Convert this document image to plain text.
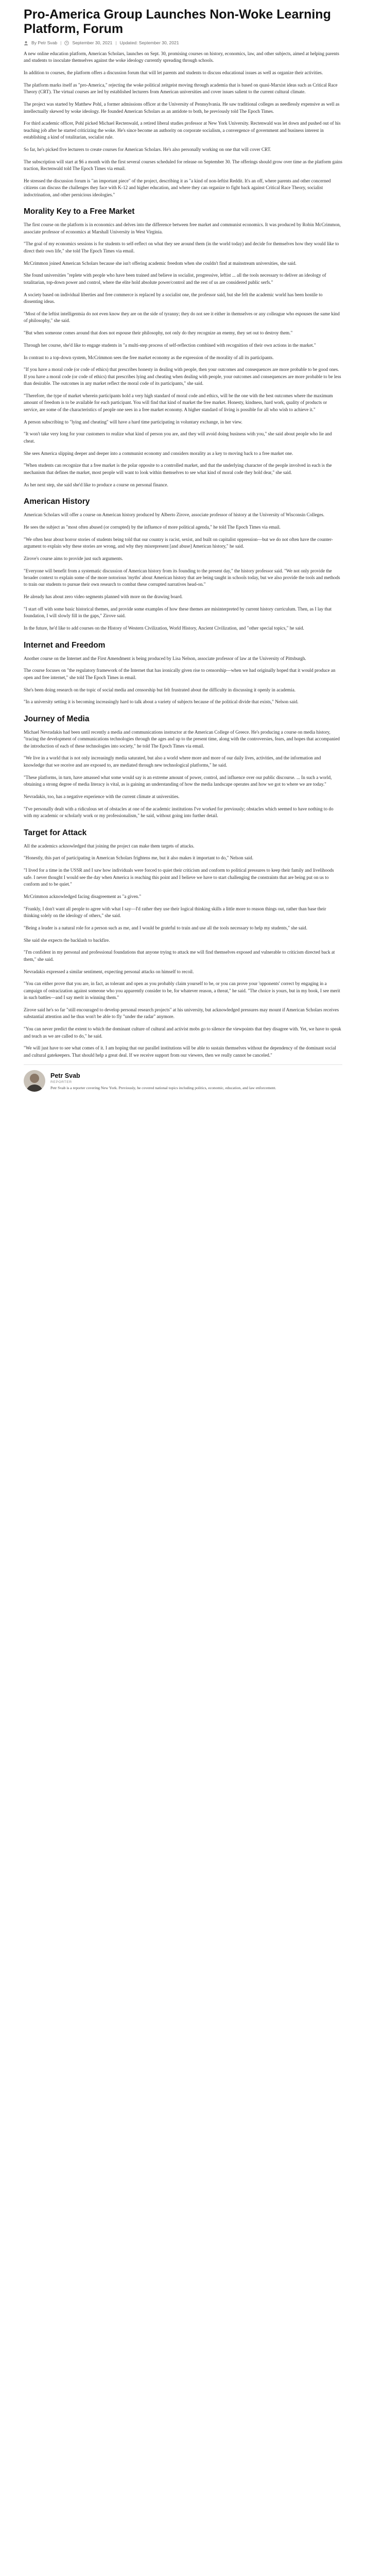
Pro-America Group Launches Non-Woke Learning Platform, Forum
By Petr Svab | September 30, 2021 | Updated: September 30, 2021

A new online education platform, American Scholars, launches on Sept. 30, promising courses on history, economics, law, and other subjects, aimed at helping parents and students to inoculate themselves against the woke ideology currently spreading through schools.

In addition to courses, the platform offers a discussion forum that will let parents and students to discuss educational issues as well as organize their activities.

The platform marks itself as "pro-America," rejecting the woke political zeitgeist moving through academia that is based on quasi-Marxist ideas such as Critical Race Theory (CRT). The virtual courses are led by established lecturers from American universities and cover issues salient to the current cultural climate.

The project was started by Matthew Pohl, a former admissions officer at the University of Pennsylvania. He saw traditional colleges as needlessly expensive as well as intellectually skewed by woke ideology. He founded American Scholars as an antidote to both, he previously told The Epoch Times.

For third academic officer, Pohl picked Michael Rectenwald, a retired liberal studies professor at New York University. Rectenwald was let down and pushed out of his teaching job after he started criticizing the woke. He's since become an authority on corporate socialism, a convergence of government and business interest in establishing a kind of totalitarian, socialist rule.

So far, he's picked five lecturers to create courses for American Scholars. He's also personally working on one that will cover CRT.

The subscription will start at $6 a month with the first several courses scheduled for release on September 30. The offerings should grow over time as the platform gains traction, Rectenwald told The Epoch Times via email.

He stressed the discussion forum is "an important piece" of the project, describing it as "a kind of non-leftist Reddit. It's an off, where parents and other concerned citizens can discuss the challenges they face with K-12 and higher education, and where they can organize to fight back against Critical Race Theory, socialist indoctrination, and other pernicious ideologies."

Morality Key to a Free Market

The first course on the platform is in economics and delves into the difference between free market and communist economics. It was produced by Robin McCrimmon, associate professor of economics at Marshall University in West Virginia.

"The goal of my economics sessions is for students to self-reflect on what they see around them (in the world today) and decide for themselves how they would like to direct their own life," she told The Epoch Times via email.

McCrimmon joined American Scholars because she isn't offering academic freedom when she couldn't find at mainstream universities, she said.

She found universities "replete with people who have been trained and believe in socialist, progressive, leftist ... all the tools necessary to deliver an ideology of totalitarian, top-down power and control, where the elite hold absolute power/control and the rest of us are considered public serfs."

A society based on individual liberties and free commerce is replaced by a socialist one, the professor said, but she felt the academic world has been hostile to dissenting ideas.

"Most of the leftist intelligentsia do not even know they are on the side of tyranny; they do not see it either in themselves or any colleague who espouses the same kind of philosophy," she said.

"But when someone comes around that does not espouse their philosophy, not only do they recognize an enemy, they set out to destroy them."

Through her course, she'd like to engage students in "a multi-step process of self-reflection combined with recognition of their own actions in the market."

In contrast to a top-down system, McCrimmon sees the free market economy as the expression of the morality of all its participants.

"If you have a moral code (or code of ethics) that prescribes honesty in dealing with people, then your outcomes and consequences are more probable to be good ones. If you have a moral code (or code of ethics) that prescribes lying and cheating when dealing with people, your outcomes and consequences are more probable to be less than desirable. The outcomes in any market reflect the moral code of its participants," she said.

"Therefore, the type of market wherein participants hold a very high standard of moral code and ethics, will be the one with the best outcomes where the maximum amount of freedom is to be available for each participant. You will find that kind of market the free market. Honesty, kindness, hard work, quality of products or service, are some of the characteristics of people one sees in a free market economy. A higher standard of living is possible for all who wish to achieve it."

A person subscribing to "lying and cheating" will have a hard time participating in voluntary exchange, in her view.

"It won't take very long for your customers to realize what kind of person you are, and they will avoid doing business with you," she said about people who lie and cheat.

She sees America slipping deeper and deeper into a communist economy and considers morality as a key to moving back to a free market one.

"When students can recognize that a free market is the polar opposite to a controlled market, and that the underlying character of the people involved in each is the mechanism that defines the market, most people will want to look within themselves to see what kind of moral code they hold dear," she said.

As her next step, she said she'd like to produce a course on personal finance.

American History

American Scholars will offer a course on American history produced by Alberto Zirove, associate professor of history at the University of Wisconsin Colleges.

He sees the subject as "most often abused (or corrupted) by the influence of more political agenda," he told The Epoch Times via email.

"We often hear about horror stories of students being told that our country is racist, sexist, and built on capitalist oppression—but we do not often have the counter-argument to explain why these stories are wrong, and why they misrepresent [and abuse] American history," he said.

Zirove's course aims to provide just such arguments.

"Everyone will benefit from a systematic discussion of American history from its founding to the present day," the history professor said. "We not only provide the broader context to explain some of the more notorious 'myths' about American history that are being taught in schools today, but we also provide the tools and methods to train our students to pursue their own research to combat these corrupted narratives head-on."

He already has about zero video segments planned with more on the drawing board.

"I start off with some basic historical themes, and provide some examples of how these themes are misinterpreted by current history curriculum. Then, as I lay that foundation, I will slowly fill in the gaps," Zirove said.

In the future, he'd like to add courses on the History of Western Civilization, World History, Ancient Civilization, and "other special topics," he said.

Internet and Freedom

Another course on the Internet and the First Amendment is being produced by Lisa Nelson, associate professor of law at the University of Pittsburgh.

The course focuses on "the regulatory framework of the Internet that has ironically given rise to censorship—when we had originally hoped that it would produce an open and free internet," she told The Epoch Times in email.

She's been doing research on the topic of social media and censorship but felt frustrated about the difficulty in discussing it openly in academia.

"In a university setting it is becoming increasingly hard to talk about a variety of subjects because of the political divide that exists," Nelson said.

Journey of Media

Michael Nevradakis had been until recently a media and communications instructor at the American College of Greece. He's producing a course on media history, "tracing the development of communications technologies through the ages and up to the present time, along with the controversies, fears, and hopes that accompanied the introduction of each of these technologies into society," he told The Epoch Times via email.

"We live in a world that is not only increasingly media saturated, but also a world where more and more of our daily lives, activities, and the information and knowledge that we receive and are exposed to, are mediated through new technological platforms," he said.

"These platforms, in turn, have amassed what some would say is an extreme amount of power, control, and influence over our public discourse. ... In such a world, obtaining a strong degree of media literacy is vital, as is gaining an understanding of how the media landscape operates and how we got to where we are today."

Nevradakis, too, has a negative experience with the current climate at universities.

"I've personally dealt with a ridiculous set of obstacles at one of the academic institutions I've worked for previously; obstacles which seemed to have nothing to do with my academic or scholarly work or my professionalism," he said, without going into further detail.

Target for Attack

All the academics acknowledged that joining the project can make them targets of attacks.

"Honestly, this part of participating in American Scholars frightens me, but it also makes it important to do," Nelson said.

"I lived for a time in the USSR and I saw how individuals were forced to quiet their criticism and conform to political pressures to keep their family and livelihoods safe. I never thought I would see the day when America is reaching this point and I believe we have to start challenging the constraints that are being put on us to conform and to be quiet."

McCrimmon acknowledged facing disagreement as "a given."

"Frankly, I don't want all people to agree with what I say—I'd rather they use their logical thinking skills a little more to reason things out, rather than base their thinking solely on the ideology of others," she said.

"Being a leader is a natural role for a person such as me, and I would be grateful to train and use all the tools necessary to help my students," she said.

She said she expects the backlash to backfire.

"I'm confident in my personal and professional foundations that anyone trying to attack me will find themselves exposed and vulnerable to criticism directed back at them," she said.

Nevradakis expressed a similar sentiment, expecting personal attacks on himself to recoil.

"You can either prove that you are, in fact, as tolerant and open as you probably claim yourself to be, or you can prove your 'opponents' correct by engaging in a campaign of ostracization against someone who you apparently consider to be, for whatever reason, a threat," he said. "The choice is yours, but in my book, I see merit in such battles—and I say merit in winning them."

Zirove said he's so far "still encouraged to develop personal research projects" at his university, but acknowledged pressures may mount if American Scholars receives substantial attention and he thus won't be able to fly "under the radar" anymore.

"You can never predict the extent to which the dominant culture of cultural and activist mobs go to silence the viewpoints that they disagree with. Yet, we have to speak and teach as we are called to do," he said.

"We will just have to see what comes of it. I am hoping that our parallel institutions will be able to sustain themselves without the dependency of the dominant social and cultural gatekeepers. That should help a great deal. If we receive support from our viewers, then we really cannot be canceled."

Petr Svab
REPORTER
Petr Svab is a reporter covering New York. Previously, he covered national topics including politics, economic, education, and law enforcement.
